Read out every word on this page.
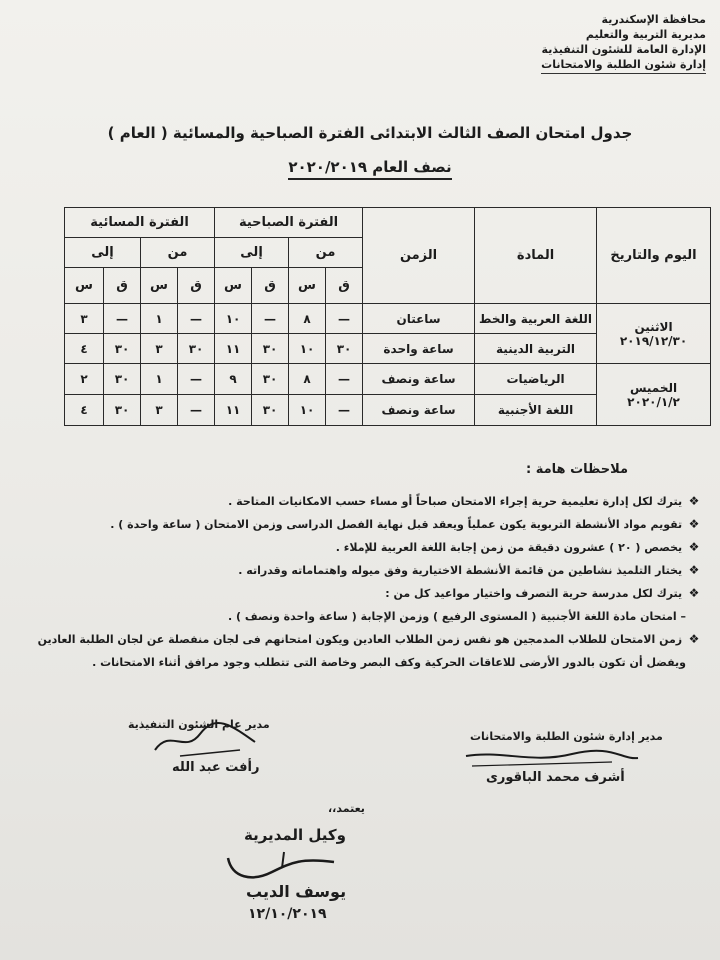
محافظة الإسكندرية
مديرية التربية والتعليم
الإدارة العامة للشئون التنفيذية
إدارة شئون الطلبة والامتحانات
جدول امتحان الصف الثالث الابتدائى الفترة الصباحية والمسائية ( العام )
نصف العام ٢٠٢٠/٢٠١٩
اليوم والتاريخ	المادة	الزمن	الفترة الصباحية				الفترة المسائية			
			من		إلى		من		إلى	
			ق	س	ق	س	ق	س	ق	س

الاثنين
٢٠١٩/١٢/٣٠	اللغة العربية والخط	ساعتان	—	٨	—	١٠	—	١	—	٣
	التربية الدينية	ساعة واحدة	٣٠	١٠	٣٠	١١	٣٠	٣	٣٠	٤

الخميس
٢٠٢٠/١/٢	الرياضيات	ساعة ونصف	—	٨	٣٠	٩	—	١	٣٠	٢
	اللغة الأجنبية	ساعة ونصف	—	١٠	٣٠	١١	—	٣	٣٠	٤
ملاحظات هامة :
❖ يترك لكل إدارة تعليمية حرية إجراء الامتحان صباحاً أو مساء حسب الامكانيات المتاحة .
❖ تقويم مواد الأنشطة التربوية يكون عملياً ويعقد قبل نهاية الفصل الدراسى وزمن الامتحان ( ساعة واحدة ) .
❖ يخصص ( ٢٠ ) عشرون دقيقة من زمن إجابة اللغة العربية للإملاء .
❖ يختار التلميذ نشاطين من قائمة الأنشطة الاختيارية وفق ميوله واهتماماته وقدراته .
❖ يترك لكل مدرسة حرية التصرف واختيار مواعيد كل من :
– امتحان مادة اللغة الأجنبية ( المستوى الرفيع ) وزمن الإجابة ( ساعة واحدة ونصف ) .
❖ زمن الامتحان للطلاب المدمجين هو نفس زمن الطلاب العادين ويكون امتحانهم فى لجان منفصلة عن لجان الطلبة العادين
ويفضل أن تكون بالدور الأرضى للاعاقات الحركية وكف البصر وخاصة التى تتطلب وجود مرافق أثناء الامتحانات .
مدير عام الشئون التنفيذية
رأفت عبد الله
مدير إدارة شئون الطلبة والامتحانات
أشرف محمد الباقورى
يعتمد،،
وكيل المديرية
يوسف الديب
١٢/١٠/٢٠١٩
